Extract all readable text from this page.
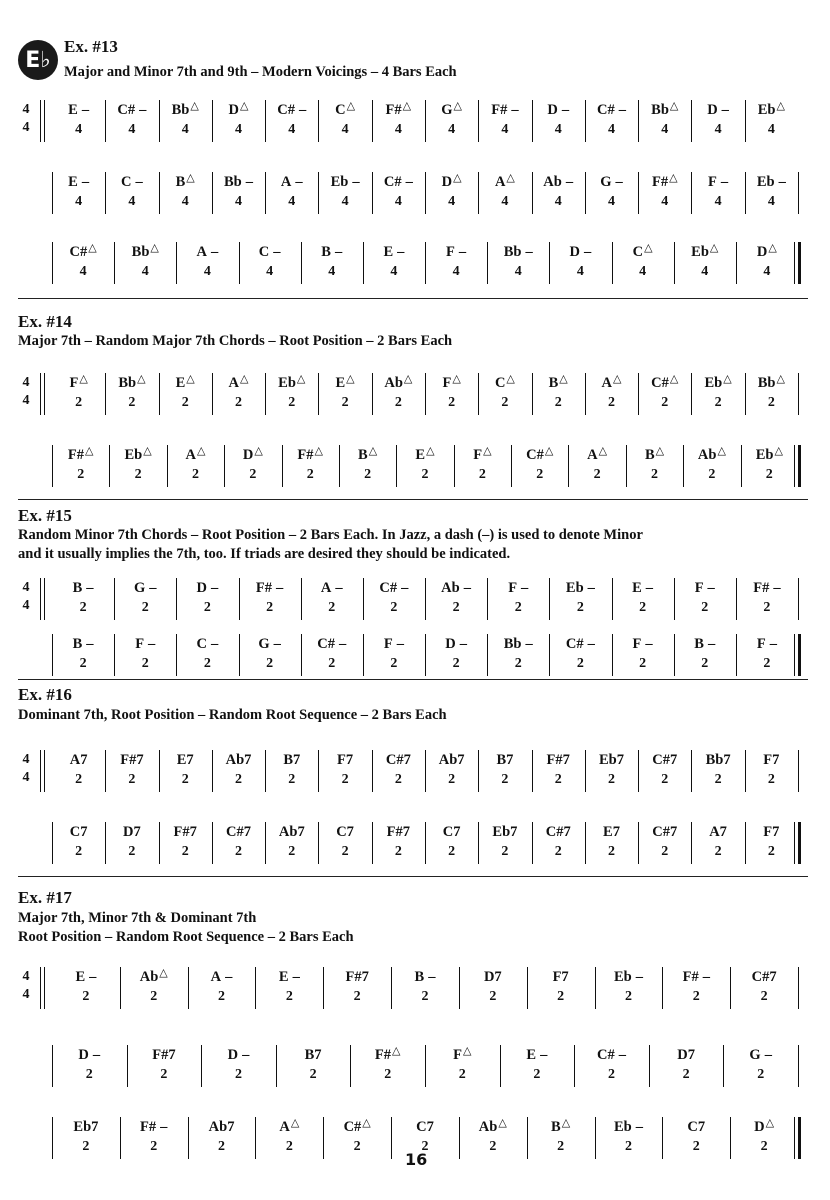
E♭
Ex. #13
Major and Minor 7th and 9th – Modern Voicings – 4 Bars Each
4
4
E –
4
C# –
4
Bb△
4
D△
4
C# –
4
C△
4
F#△
4
G△
4
F# –
4
D –
4
C# –
4
Bb△
4
D –
4
Eb△
4
E –
4
C –
4
B△
4
Bb –
4
A –
4
Eb –
4
C# –
4
D△
4
A△
4
Ab –
4
G –
4
F#△
4
F –
4
Eb –
4
C#△
4
Bb△
4
A –
4
C –
4
B –
4
E –
4
F –
4
Bb –
4
D –
4
C△
4
Eb△
4
D△
4
Ex. #14
Major 7th – Random Major 7th Chords – Root Position – 2 Bars Each
4
4
F△
2
Bb△
2
E△
2
A△
2
Eb△
2
E△
2
Ab△
2
F△
2
C△
2
B△
2
A△
2
C#△
2
Eb△
2
Bb△
2
F#△
2
Eb△
2
A△
2
D△
2
F#△
2
B△
2
E△
2
F△
2
C#△
2
A△
2
B△
2
Ab△
2
Eb△
2
Ex. #15
Random Minor 7th Chords – Root Position – 2 Bars Each. In Jazz, a dash (–) is used to denote Minor
and it usually implies the 7th, too. If triads are desired they should be indicated.
4
4
B –
2
G –
2
D –
2
F# –
2
A –
2
C# –
2
Ab –
2
F –
2
Eb –
2
E –
2
F –
2
F# –
2
B –
2
F –
2
C –
2
G –
2
C# –
2
F –
2
D –
2
Bb –
2
C# –
2
F –
2
B –
2
F –
2
Ex. #16
Dominant 7th, Root Position – Random Root Sequence – 2 Bars Each
4
4
A7
2
F#7
2
E7
2
Ab7
2
B7
2
F7
2
C#7
2
Ab7
2
B7
2
F#7
2
Eb7
2
C#7
2
Bb7
2
F7
2
C7
2
D7
2
F#7
2
C#7
2
Ab7
2
C7
2
F#7
2
C7
2
Eb7
2
C#7
2
E7
2
C#7
2
A7
2
F7
2
Ex. #17
Major 7th, Minor 7th & Dominant 7th
Root Position – Random Root Sequence – 2 Bars Each
4
4
E –
2
Ab△
2
A –
2
E –
2
F#7
2
B –
2
D7
2
F7
2
Eb –
2
F# –
2
C#7
2
D –
2
F#7
2
D –
2
B7
2
F#△
2
F△
2
E –
2
C# –
2
D7
2
G –
2
Eb7
2
F# –
2
Ab7
2
A△
2
C#△
2
C7
2
Ab△
2
B△
2
Eb –
2
C7
2
D△
2
16
